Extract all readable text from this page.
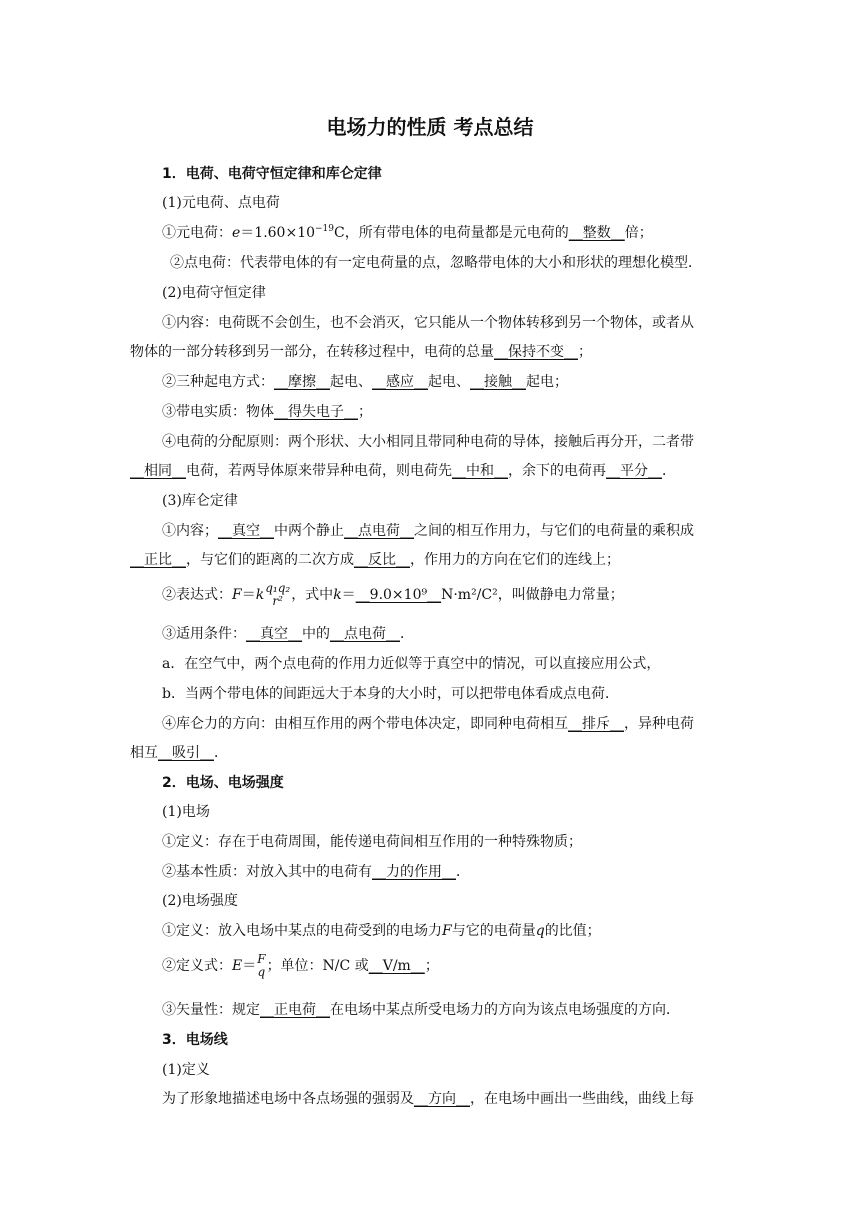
电场力的性质 考点总结
1．电荷、电荷守恒定律和库仑定律
(1)元电荷、点电荷
①元电荷：$e=1.60\times 10^{-19}C$，所有带电体的电荷量都是元电荷的__整数__倍；
②点电荷：代表带电体的有一定电荷量的点，忽略带电体的大小和形状的理想化模型．
(2)电荷守恒定律
①内容：电荷既不会创生，也不会消灭，它只能从一个物体转移到另一个物体，或者从
物体的一部分转移到另一部分，在转移过程中，电荷的总量__保持不变__；
②三种起电方式：__摩擦__起电、__感应__起电、__接触__起电；
③带电实质：物体__得失电子__；
④电荷的分配原则：两个形状、大小相同且带同种电荷的导体，接触后再分开，二者带
__相同__电荷，若两导体原来带异种电荷，则电荷先__中和__，余下的电荷再__平分__．
(3)库仑定律
①内容；__真空__中两个静止__点电荷__之间的相互作用力，与它们的电荷量的乘积成
__正比__，与它们的距离的二次方成__反比__，作用力的方向在它们的连线上；
②表达式：F＝k q₁q₂
r² ，式中k＝__9.0×10⁹__N·m²/C²，叫做静电力常量；
③适用条件：__真空__中的__点电荷__．
a．在空气中，两个点电荷的作用力近似等于真空中的情况，可以直接应用公式，
b．当两个带电体的间距远大于本身的大小时，可以把带电体看成点电荷．
④库仑力的方向：由相互作用的两个带电体决定，即同种电荷相互__排斥__，异种电荷
相互__吸引__．
2．电场、电场强度
(1)电场
①定义：存在于电荷周围，能传递电荷间相互作用的一种特殊物质；
②基本性质：对放入其中的电荷有__力的作用__．
(2)电场强度
①定义：放入电场中某点的电荷受到的电场力F与它的电荷量q的比值；
②定义式：E＝ F
q ；单位：N/C 或__V/m__；
③矢量性：规定__正电荷__在电场中某点所受电场力的方向为该点电场强度的方向．
3．电场线
(1)定义
为了形象地描述电场中各点场强的强弱及__方向__，在电场中画出一些曲线，曲线上每
